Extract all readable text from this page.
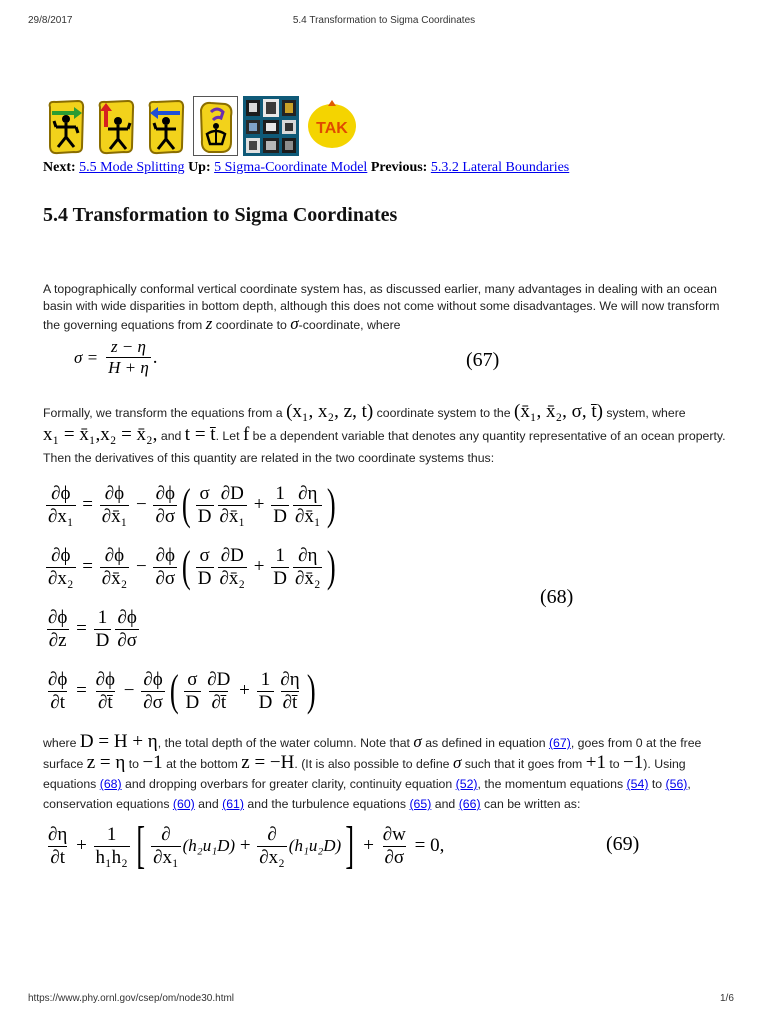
29/8/2017	5.4 Transformation to Sigma Coordinates
TAK
Next: 5.5 Mode Splitting Up: 5 Sigma-Coordinate Model Previous: 5.3.2 Lateral Boundaries
5.4 Transformation to Sigma Coordinates
A topographically conformal vertical coordinate system has, as discussed earlier, many advantages in dealing with an ocean basin with wide disparities in bottom depth, although this does not come without some disadvantages. We will now transform the governing equations from z coordinate to σ-coordinate, where
$\sigma = \frac{z - \eta}{H + \eta}$ .	(67)
Formally, we transform the equations from a (x₁, x₂, z, t) coordinate system to the (x̄₁, x̄₂, σ, t̄) system, where
x₁ = x̄₁,x₂ = x̄₂, and t = t̄. Let f be a dependent variable that denotes any quantity representative of an ocean property. Then the derivatives of this quantity are related in the two coordinate systems thus:
$\frac{\partial\phi}{\text{∂x₁}} = \frac{\partial\phi}{\text{∂x̄₁}} - \frac{\partial\phi}{\partial\sigma}$ ( $\frac{\sigma}{D} \frac{\partial D}{\text{∂x̄₁}} + \frac{1}{D} \frac{\partial\eta}{\text{∂x̄₁}}$ )
$\frac{\partial\phi}{\text{∂x₂}} = \frac{\partial\phi}{\text{∂x̄₂}} - \frac{\partial\phi}{\partial\sigma}$ ( $\frac{\sigma}{D} \frac{\partial D}{\text{∂x̄₂}} + \frac{1}{D} \frac{\partial\eta}{\text{∂x̄₂}}$ )
$\frac{\partial\phi}{\partial z} = \frac{1}{D} \frac{\partial\phi}{\partial\sigma}$
$\frac{\partial\phi}{\partial t} = \frac{\partial\phi}{\partial t̄} - \frac{\partial\phi}{\partial\sigma}$ ( $\frac{\sigma}{D} \frac{\partial D}{\partial t̄} + \frac{1}{D} \frac{\partial\eta}{\partial t̄}$ )
(68)
where D = H + η, the total depth of the water column. Note that σ as defined in equation (67), goes from 0 at the free surface z = η to −1 at the bottom z = −H. (It is also possible to define σ such that it goes from +1 to −1). Using equations (68) and dropping overbars for greater clarity, continuity equation (52), the momentum equations (54) to (56), conservation equations (60) and (61) and the turbulence equations (65) and (66) can be written as:
$\frac{\partial\eta}{\partial t} + \frac{1}{\text{h₁h₂}}$ [ $\frac{\partial}{\text{∂x₁}} (h_2u_1D) + \frac{\partial}{\text{∂x₂}} (h_1u_2D)$ ] + $\frac{\partial w}{\partial\sigma}$
= 0,	(69)
https://www.phy.ornl.gov/csep/om/node30.html	1/6
